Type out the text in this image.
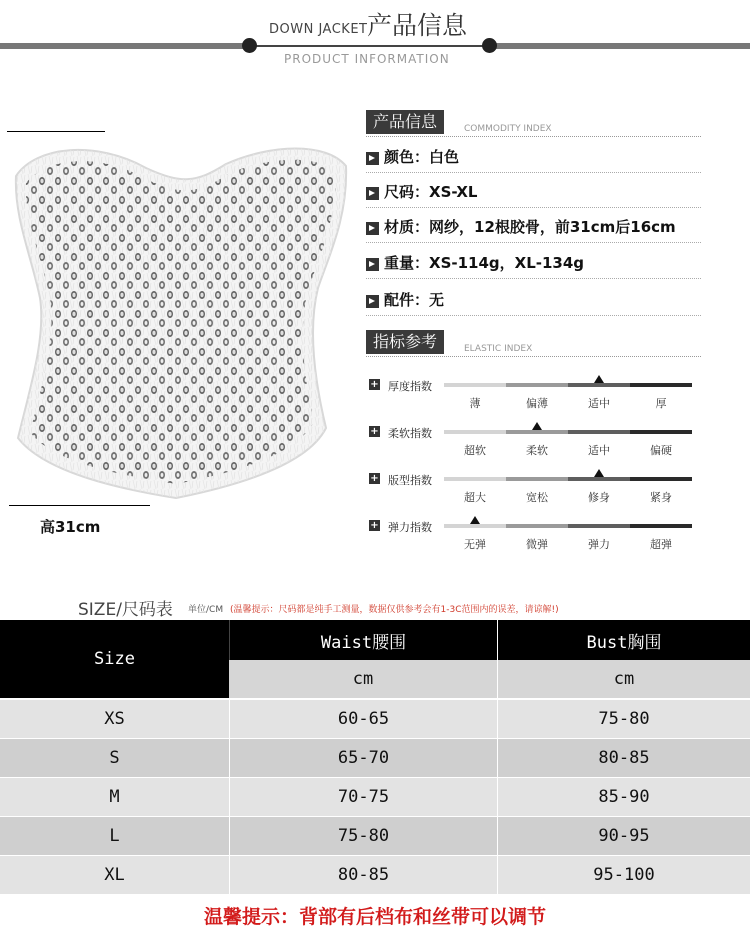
DOWN JACKET 产品信息
PRODUCT INFORMATION
高31cm
产品信息	COMMODITY INDEX
颜色：白色
尺码：XS-XL
材质：网纱，12根胶骨，前31cm后16cm
重量：XS-114g，XL-134g
配件：无
指标参考	ELASTIC INDEX
+ 厚度指数
薄	偏薄	适中	厚
+ 柔软指数
超软	柔软	适中	偏硬
+ 版型指数
超大	宽松	修身	紧身
+ 弹力指数
无弹	微弹	弹力	超弹
SIZE/尺码表 单位/CM (温馨提示：尺码都是纯手工测量，数据仅供参考会有1-3C范围内的误差，请谅解!)
Size
Waist腰围	Bust胸围
cm	cm
XS	60-65	75-80
S	65-70	80-85
M	70-75	85-90
L	75-80	90-95
XL	80-85	95-100
温馨提示：背部有后档布和丝带可以调节
